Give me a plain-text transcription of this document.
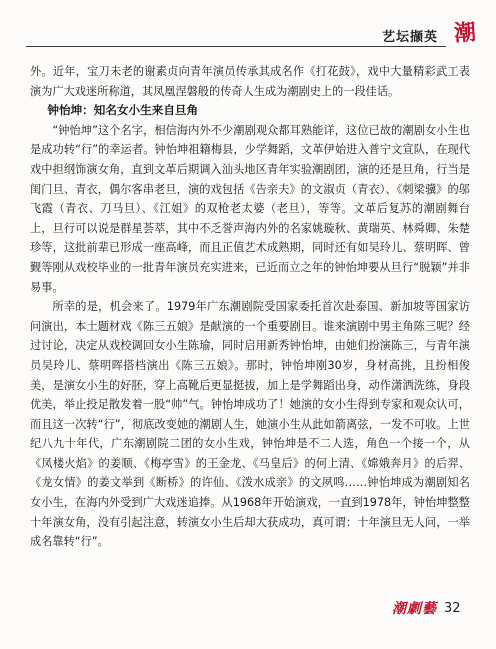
艺坛撷英 潮

外。近年，宝刀未老的谢素贞向青年演员传承其成名作《打花鼓》，戏中大量精彩武工表演为广大戏迷所称道，其凤凰涅磐般的传奇人生成为潮剧史上的一段佳话。

钟怡坤：知名女小生来自旦角

“钟怡坤”这个名字，相信海内外不少潮剧观众都耳熟能详，这位已故的潮剧女小生也是成功转“行”的幸运者。钟怡坤祖籍梅县，少学舞蹈，文革伊始进入普宁文宣队，在现代戏中担纲饰演女角，直到文革后期调入汕头地区青年实验潮剧团，演的还是旦角，行当是闺门旦、青衣，偶尔客串老旦，演的戏包括《告亲夫》的文淑贞（青衣）、《刺梁骥》的邬飞霞（青衣、刀马旦）、《江姐》的双枪老太婆（老旦），等等。文革后复苏的潮剧舞台上，旦行可以说是群星荟萃，其中不乏誉声海内外的名家姚璇秋、黄瑞英、林舜卿、朱楚珍等，这批前辈已形成一座高峰，而且正值艺术成熟期，同时还有如吴玲儿、蔡明晖、曾觐等刚从戏校毕业的一批青年演员充实进来，已近而立之年的钟怡坤要从旦行“脱颖”并非易事。

所幸的是，机会来了。1979年广东潮剧院受国家委托首次赴泰国、新加坡等国家访问演出，本土题材戏《陈三五娘》是献演的一个重要剧目。谁来演剧中男主角陈三呢？经过讨论，决定从戏校调回女小生陈瑜，同时启用新秀钟怡坤，由她们扮演陈三，与青年演员吴玲儿、蔡明晖搭档演出《陈三五娘》。那时，钟怡坤刚30岁，身材高挑，且扮相俊美，是演女小生的好胚，穿上高靴后更显挺拔，加上是学舞蹈出身，动作潇洒洗练，身段优美，举止投足散发着一股“帅”气。钟怡坤成功了！她演的女小生得到专家和观众认可，而且这一次转“行”，彻底改变她的潮剧人生，她演小生从此如箭离弦，一发不可收。上世纪八九十年代，广东潮剧院二团的女小生戏，钟怡坤是不二人选，角色一个接一个，从《凤楼火焰》的姜顺、《梅亭雪》的王金龙、《马皇后》的何上清、《嫦娥奔月》的后羿、《龙女情》的姜文举到《断桥》的许仙、《泼水成亲》的文夙鸣……钟怡坤成为潮剧知名女小生，在海内外受到广大戏迷追捧。从1968年开始演戏，一直到1978年，钟怡坤整整十年演女角，没有引起注意，转演女小生后却大获成功，真可谓：十年演旦无人问，一举成名靠转“行”。

潮劇藝 32
